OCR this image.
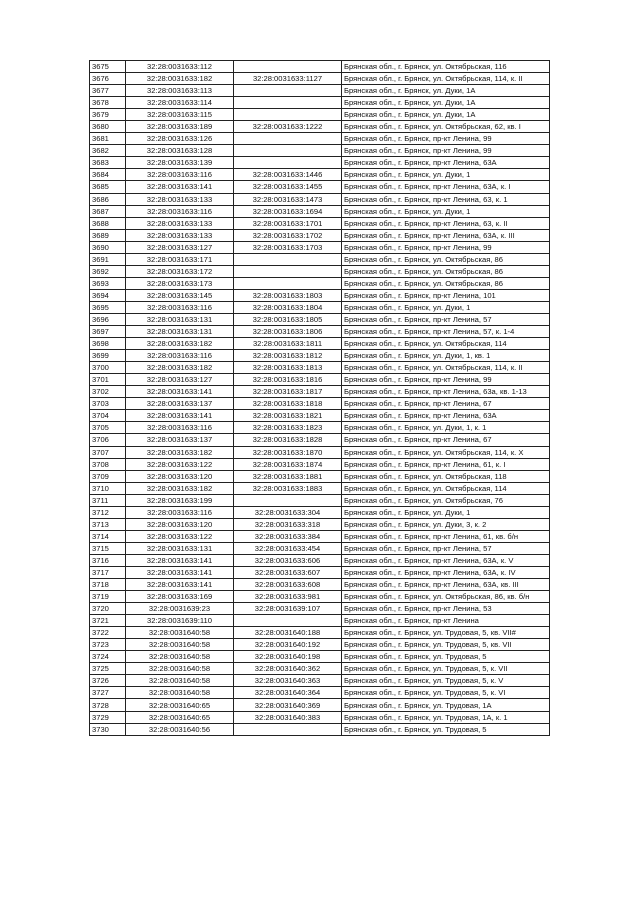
3675	32:28:0031633:112		Брянская обл., г. Брянск, ул. Октябрьская, 116
3676	32:28:0031633:182	32:28:0031633:1127	Брянская обл., г. Брянск, ул. Октябрьская, 114, к. II
3677	32:28:0031633:113		Брянская обл., г. Брянск, ул. Дуки, 1А
3678	32:28:0031633:114		Брянская обл., г. Брянск, ул. Дуки, 1А
3679	32:28:0031633:115		Брянская обл., г. Брянск, ул. Дуки, 1А
3680	32:28:0031633:189	32:28:0031633:1222	Брянская обл., г. Брянск, ул. Октябрьская, 62, кв. I
3681	32:28:0031633:126		Брянская обл., г. Брянск, пр-кт Ленина, 99
3682	32:28:0031633:128		Брянская обл., г. Брянск, пр-кт Ленина, 99
3683	32:28:0031633:139		Брянская обл., г. Брянск, пр-кт Ленина, 63А
3684	32:28:0031633:116	32:28:0031633:1446	Брянская обл., г. Брянск, ул. Дуки, 1
3685	32:28:0031633:141	32:28:0031633:1455	Брянская обл., г. Брянск, пр-кт Ленина, 63А, к. I
3686	32:28:0031633:133	32:28:0031633:1473	Брянская обл., г. Брянск, пр-кт Ленина, 63, к. 1
3687	32:28:0031633:116	32:28:0031633:1694	Брянская обл., г. Брянск, ул. Дуки, 1
3688	32:28:0031633:133	32:28:0031633:1701	Брянская обл., г. Брянск, пр-кт Ленина, 63, к. II
3689	32:28:0031633:133	32:28:0031633:1702	Брянская обл., г. Брянск, пр-кт Ленина, 63А, к. III
3690	32:28:0031633:127	32:28:0031633:1703	Брянская обл., г. Брянск, пр-кт Ленина, 99
3691	32:28:0031633:171		Брянская обл., г. Брянск, ул. Октябрьская, 86
3692	32:28:0031633:172		Брянская обл., г. Брянск, ул. Октябрьская, 86
3693	32:28:0031633:173		Брянская обл., г. Брянск, ул. Октябрьская, 86
3694	32:28:0031633:145	32:28:0031633:1803	Брянская обл., г. Брянск, пр-кт Ленина, 101
3695	32:28:0031633:116	32:28:0031633:1804	Брянская обл., г. Брянск, ул. Дуки, 1
3696	32:28:0031633:131	32:28:0031633:1805	Брянская обл., г. Брянск, пр-кт Ленина, 57
3697	32:28:0031633:131	32:28:0031633:1806	Брянская обл., г. Брянск, пр-кт Ленина, 57, к. 1-4
3698	32:28:0031633:182	32:28:0031633:1811	Брянская обл., г. Брянск, ул. Октябрьская, 114
3699	32:28:0031633:116	32:28:0031633:1812	Брянская обл., г. Брянск, ул. Дуки, 1, кв. 1
3700	32:28:0031633:182	32:28:0031633:1813	Брянская обл., г. Брянск, ул. Октябрьская, 114, к. II
3701	32:28:0031633:127	32:28:0031633:1816	Брянская обл., г. Брянск, пр-кт Ленина, 99
3702	32:28:0031633:141	32:28:0031633:1817	Брянская обл., г. Брянск, пр-кт Ленина, 63а, кв. 1-13
3703	32:28:0031633:137	32:28:0031633:1818	Брянская обл., г. Брянск, пр-кт Ленина, 67
3704	32:28:0031633:141	32:28:0031633:1821	Брянская обл., г. Брянск, пр-кт Ленина, 63А
3705	32:28:0031633:116	32:28:0031633:1823	Брянская обл., г. Брянск, ул. Дуки, 1, к. 1
3706	32:28:0031633:137	32:28:0031633:1828	Брянская обл., г. Брянск, пр-кт Ленина, 67
3707	32:28:0031633:182	32:28:0031633:1870	Брянская обл., г. Брянск, ул. Октябрьская, 114, к. X
3708	32:28:0031633:122	32:28:0031633:1874	Брянская обл., г. Брянск, пр-кт Ленина, 61, к. I
3709	32:28:0031633:120	32:28:0031633:1881	Брянская обл., г. Брянск, ул. Октябрьская, 118
3710	32:28:0031633:182	32:28:0031633:1883	Брянская обл., г. Брянск, ул. Октябрьская, 114
3711	32:28:0031633:199		Брянская обл., г. Брянск, ул. Октябрьская, 76
3712	32:28:0031633:116	32:28:0031633:304	Брянская обл., г. Брянск, ул. Дуки, 1
3713	32:28:0031633:120	32:28:0031633:318	Брянская обл., г. Брянск, ул. Дуки, 3, к. 2
3714	32:28:0031633:122	32:28:0031633:384	Брянская обл., г. Брянск, пр-кт Ленина, 61, кв. б/н
3715	32:28:0031633:131	32:28:0031633:454	Брянская обл., г. Брянск, пр-кт Ленина, 57
3716	32:28:0031633:141	32:28:0031633:606	Брянская обл., г. Брянск, пр-кт Ленина, 63А, к. V
3717	32:28:0031633:141	32:28:0031633:607	Брянская обл., г. Брянск, пр-кт Ленина, 63А, к. IV
3718	32:28:0031633:141	32:28:0031633:608	Брянская обл., г. Брянск, пр-кт Ленина, 63А, кв. III
3719	32:28:0031633:169	32:28:0031633:981	Брянская обл., г. Брянск, ул. Октябрьская, 86, кв. б/н
3720	32:28:0031639:23	32:28:0031639:107	Брянская обл., г. Брянск, пр-кт Ленина, 53
3721	32:28:0031639:110		Брянская обл., г. Брянск, пр-кт Ленина
3722	32:28:0031640:58	32:28:0031640:188	Брянская обл., г. Брянск, ул. Трудовая, 5, кв. VII#
3723	32:28:0031640:58	32:28:0031640:192	Брянская обл., г. Брянск, ул. Трудовая, 5, кв. VII
3724	32:28:0031640:58	32:28:0031640:198	Брянская обл., г. Брянск, ул. Трудовая, 5
3725	32:28:0031640:58	32:28:0031640:362	Брянская обл., г. Брянск, ул. Трудовая, 5, к. VII
3726	32:28:0031640:58	32:28:0031640:363	Брянская обл., г. Брянск, ул. Трудовая, 5, к. V
3727	32:28:0031640:58	32:28:0031640:364	Брянская обл., г. Брянск, ул. Трудовая, 5, к. VI
3728	32:28:0031640:65	32:28:0031640:369	Брянская обл., г. Брянск, ул. Трудовая, 1А
3729	32:28:0031640:65	32:28:0031640:383	Брянская обл., г. Брянск, ул. Трудовая, 1А, к. 1
3730	32:28:0031640:56		Брянская обл., г. Брянск, ул. Трудовая, 5
